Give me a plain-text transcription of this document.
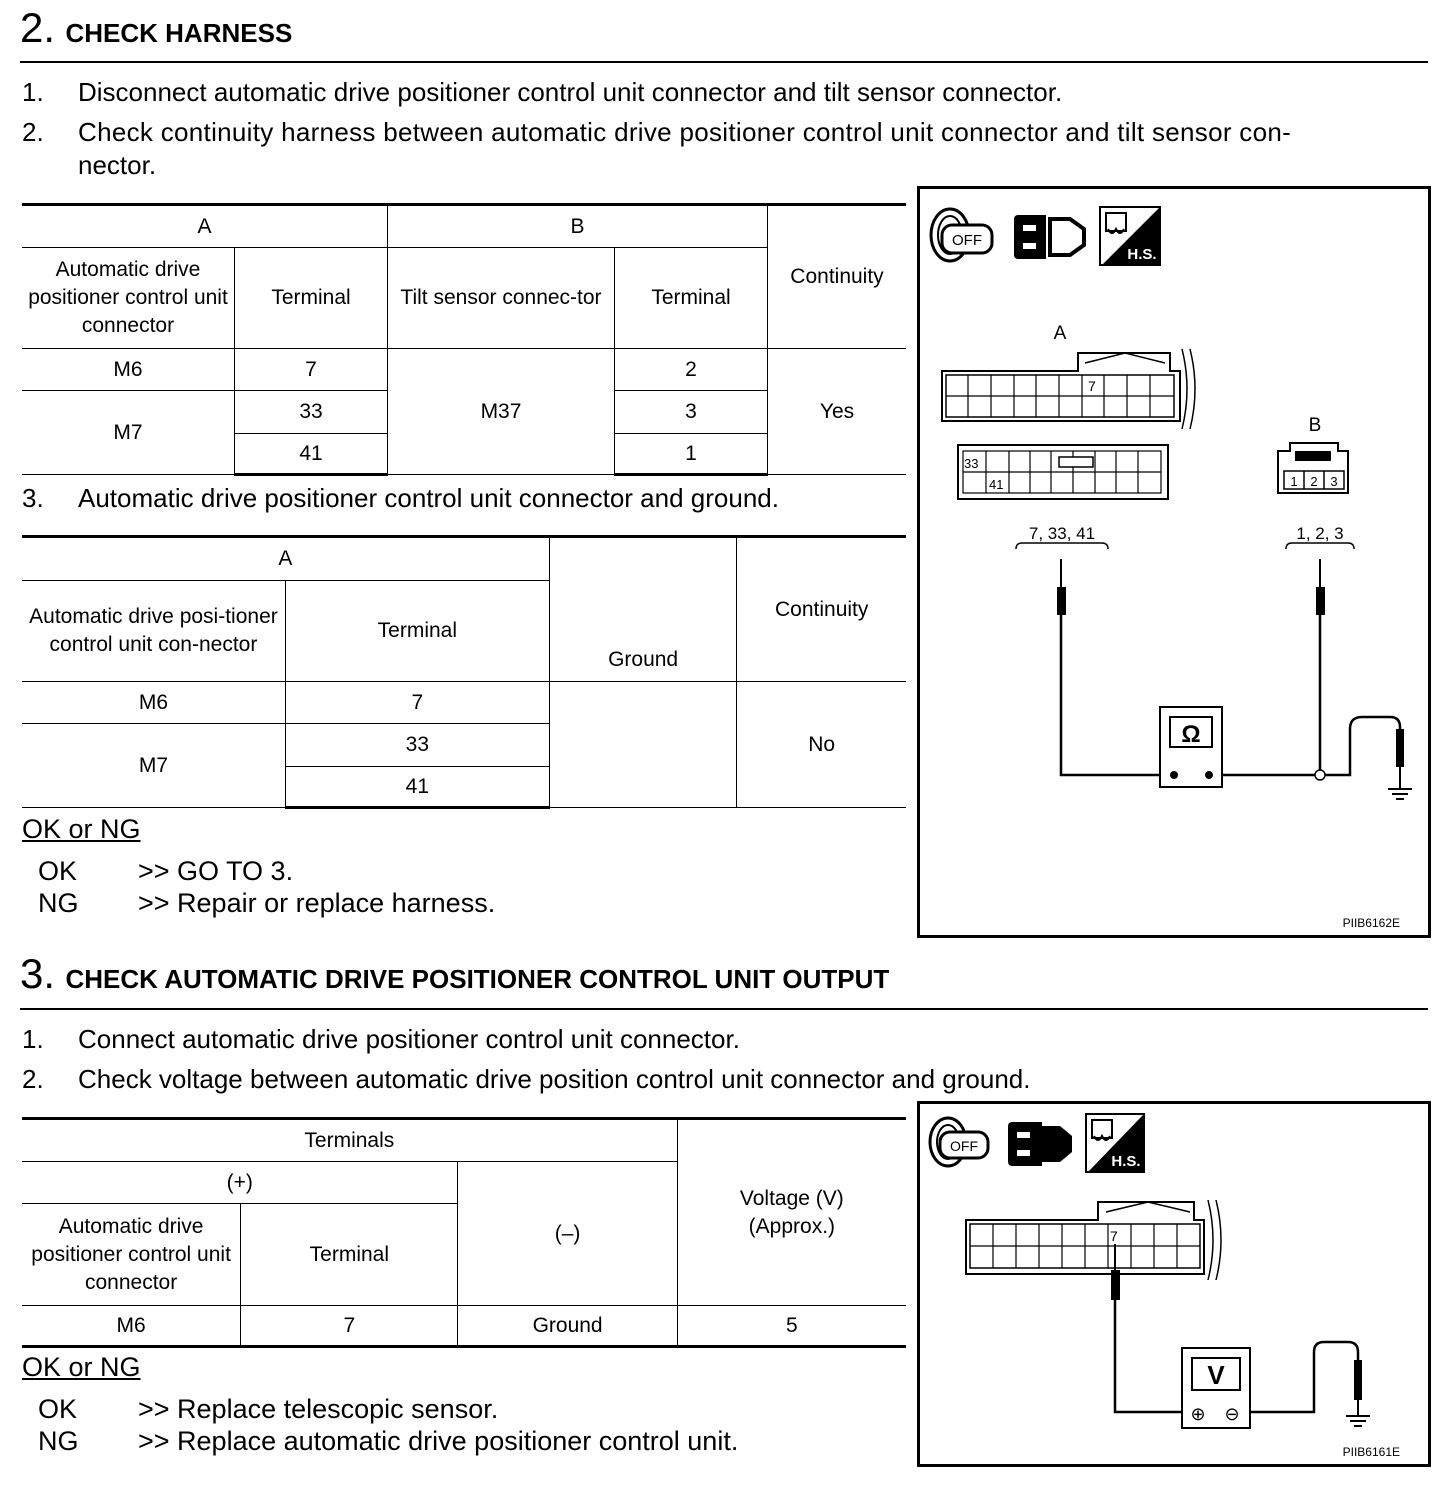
2. CHECK HARNESS
1. Disconnect automatic drive positioner control unit connector and tilt sensor connector.
2. Check continuity harness between automatic drive positioner control unit connector and tilt sensor con-
nector.
A		B		Continuity
Automatic drive positioner control unit connector	Terminal	Tilt sensor connec-tor	Terminal	
M6	7	M37	2	Yes
M7	33		3	
	41		1	
3. Automatic drive positioner control unit connector and ground.
A		Ground	Continuity
Automatic drive posi-tioner control unit con-nector	Terminal		
M6	7		No
M7	33		
	41		
OK or NG
OK >> GO TO 3.
NG >> Repair or replace harness.
OFF
H.S.
A
7
33
41
B
1 2 3
7, 33, 41	1, 2, 3
Ω
PIIB6162E
3. CHECK AUTOMATIC DRIVE POSITIONER CONTROL UNIT OUTPUT
1. Connect automatic drive positioner control unit connector.
2. Check voltage between automatic drive position control unit connector and ground.
Terminals			Voltage (V)
(Approx.)

(+)		(–)	
Automatic drive positioner control unit connector	Terminal		
M6	7	Ground	5
OK or NG
OK >> Replace telescopic sensor.
NG >> Replace automatic drive positioner control unit.
OFF
H.S.
7
V
⊕ ⊖
PIIB6161E
